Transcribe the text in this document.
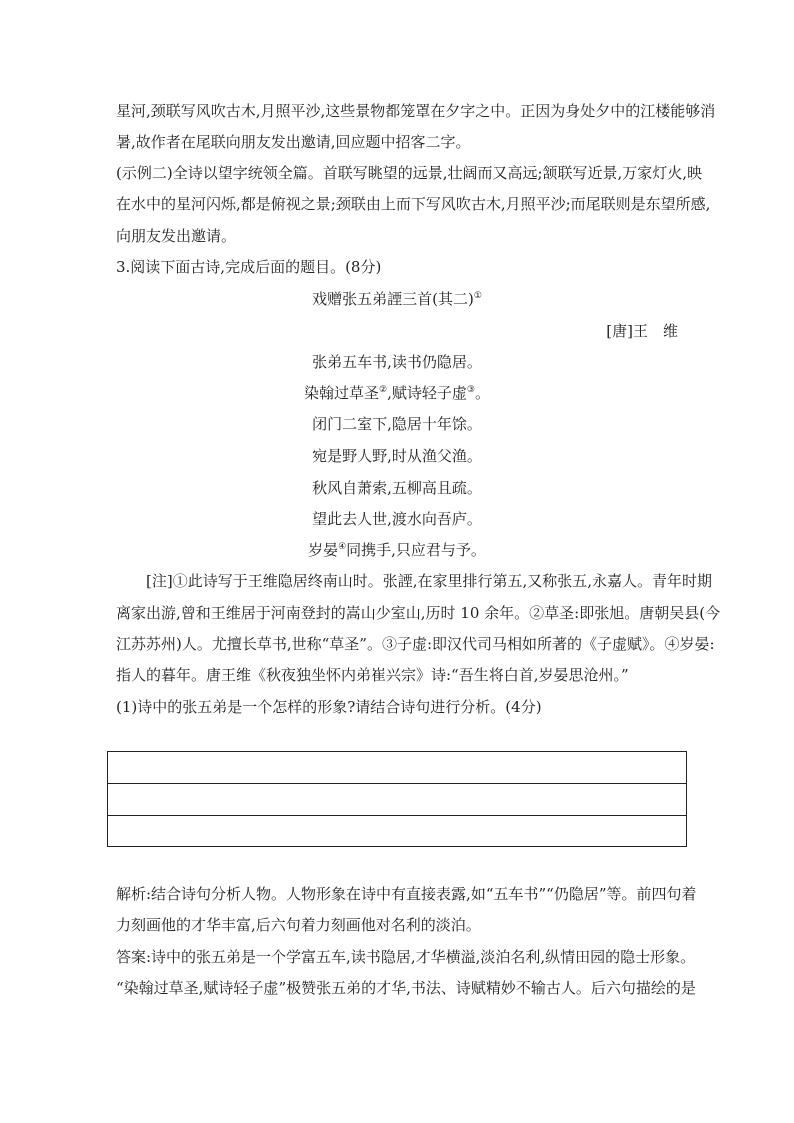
星河,颈联写风吹古木,月照平沙,这些景物都笼罩在夕字之中。正因为身处夕中的江楼能够消
暑,故作者在尾联向朋友发出邀请,回应题中招客二字。
(示例二)全诗以望字统领全篇。首联写眺望的远景,壮阔而又高远;颔联写近景,万家灯火,映
在水中的星河闪烁,都是俯视之景;颈联由上而下写风吹古木,月照平沙;而尾联则是东望所感,
向朋友发出邀请。
3.阅读下面古诗,完成后面的题目。(8分)
戏赠张五弟諲三首(其二)①
[唐]王　维
张弟五车书,读书仍隐居。
染翰过草圣②,赋诗轻子虚③。
闭门二室下,隐居十年馀。
宛是野人野,时从渔父渔。
秋风自萧索,五柳高且疏。
望此去人世,渡水向吾庐。
岁晏④同携手,只应君与予。
[注]①此诗写于王维隐居终南山时。张諲,在家里排行第五,又称张五,永嘉人。青年时期
离家出游,曾和王维居于河南登封的嵩山少室山,历时 10 余年。②草圣:即张旭。唐朝吴县(今
江苏苏州)人。尤擅长草书,世称“草圣”。③子虚:即汉代司马相如所著的《子虚赋》。④岁晏:
指人的暮年。唐王维《秋夜独坐怀内弟崔兴宗》诗:“吾生将白首,岁晏思沧州。”
(1)诗中的张五弟是一个怎样的形象?请结合诗句进行分析。(4分)
解析:结合诗句分析人物。人物形象在诗中有直接表露,如“五车书”“仍隐居”等。前四句着
力刻画他的才华丰富,后六句着力刻画他对名利的淡泊。
答案:诗中的张五弟是一个学富五车,读书隐居,才华横溢,淡泊名利,纵情田园的隐士形象。
“染翰过草圣,赋诗轻子虚”极赞张五弟的才华,书法、诗赋精妙不输古人。后六句描绘的是
